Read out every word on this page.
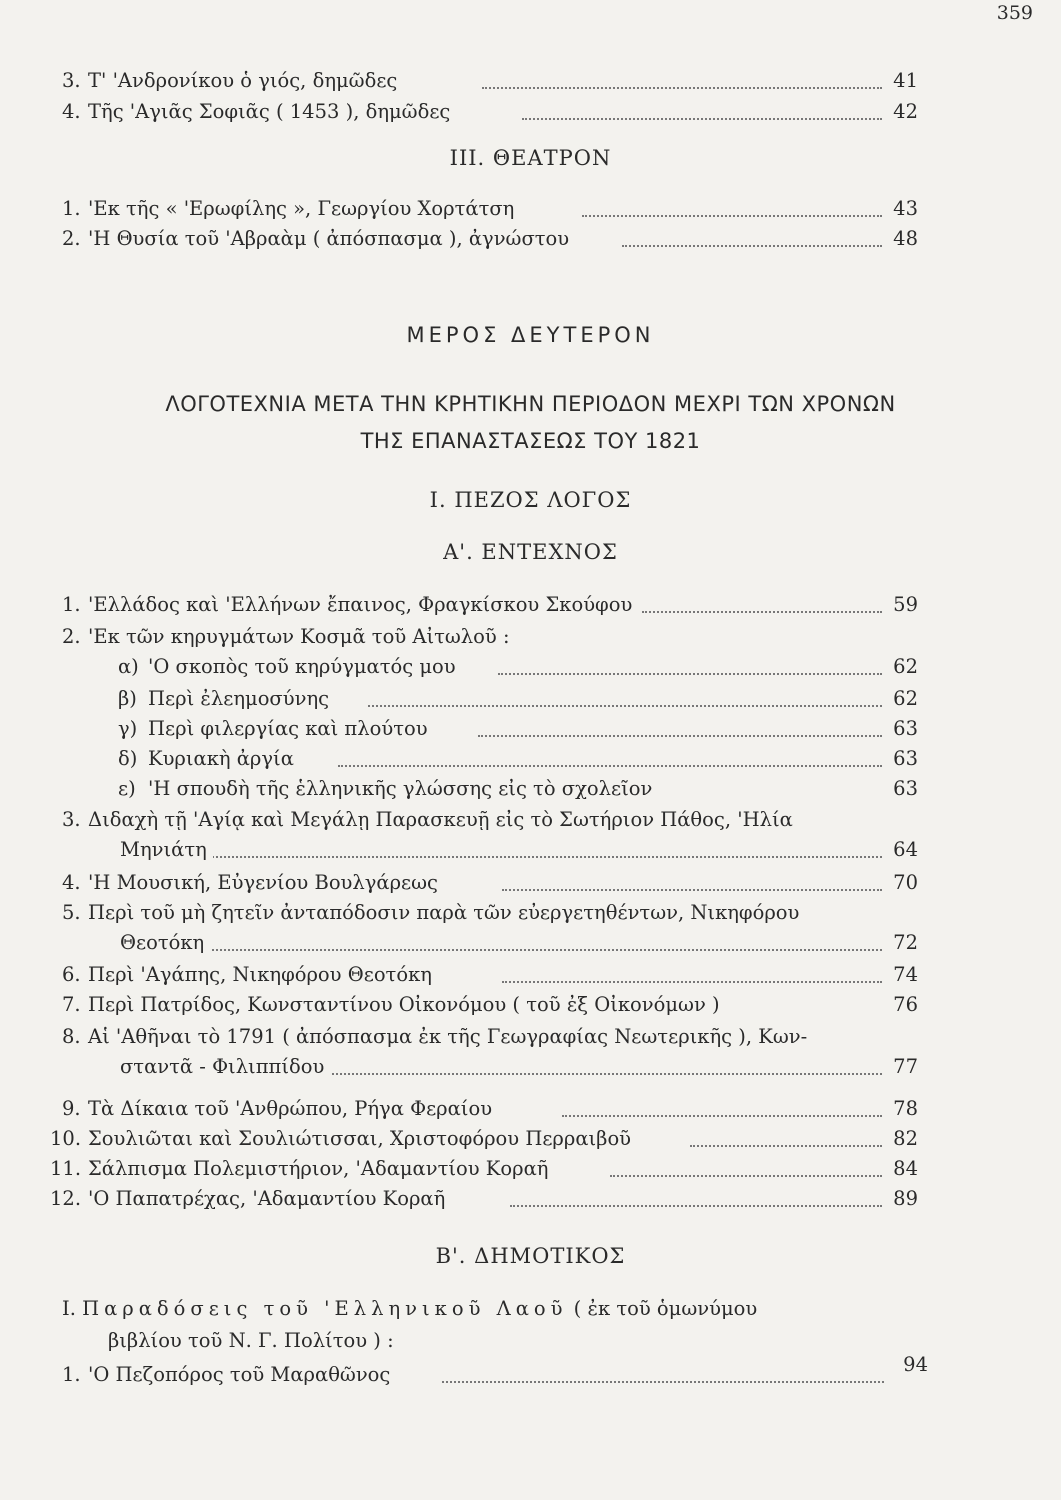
359
3. Τ' 'Ανδρονίκου ὁ γιός, δημῶδες	41
4. Τῆς 'Αγιᾶς Σοφιᾶς ( 1453 ), δημῶδες	42
ΙΙΙ. ΘΕΑΤΡΟΝ
1. 'Εκ τῆς « 'Ερωφίλης », Γεωργίου Χορτάτση	43
2. 'Η Θυσία τοῦ 'Αβραὰμ ( ἀπόσπασμα ), ἀγνώστου	48
ΜΕΡΟΣ ΔΕΥΤΕΡΟΝ
ΛΟΓΟΤΕΧΝΙΑ ΜΕΤΑ ΤΗΝ ΚΡΗΤΙΚΗΝ ΠΕΡΙΟΔΟΝ ΜΕΧΡΙ ΤΩΝ ΧΡΟΝΩΝ
ΤΗΣ ΕΠΑΝΑΣΤΑΣΕΩΣ ΤΟΥ 1821
Ι. ΠΕΖΟΣ ΛΟΓΟΣ
Α'. ΕΝΤΕΧΝΟΣ
1. 'Ελλάδος καὶ 'Ελλήνων ἔπαινος, Φραγκίσκου Σκούφου	59
2. 'Εκ τῶν κηρυγμάτων Κοσμᾶ τοῦ Αἰτωλοῦ :
α) 'Ο σκοπὸς τοῦ κηρύγματός μου	62
β) Περὶ ἐλεημοσύνης	62
γ) Περὶ φιλεργίας καὶ πλούτου	63
δ) Κυριακὴ ἀργία	63
ε) 'Η σπουδὴ τῆς ἑλληνικῆς γλώσσης εἰς τὸ σχολεῖον	63
3. Διδαχὴ τῇ 'Αγίᾳ καὶ Μεγάλῃ Παρασκευῇ εἰς τὸ Σωτήριον Πάθος, 'Ηλία
Μηνιάτη	64
4. 'Η Μουσική, Εὐγενίου Βουλγάρεως	70
5. Περὶ τοῦ μὴ ζητεῖν ἀνταπόδοσιν παρὰ τῶν εὐεργετηθέντων, Νικηφόρου
Θεοτόκη	72
6. Περὶ 'Αγάπης, Νικηφόρου Θεοτόκη	74
7. Περὶ Πατρίδος, Κωνσταντίνου Οἰκονόμου ( τοῦ ἐξ Οἰκονόμων )	76
8. Αἱ 'Αθῆναι τὸ 1791 ( ἀπόσπασμα ἐκ τῆς Γεωγραφίας Νεωτερικῆς ), Κων-
σταντᾶ - Φιλιππίδου	77
9. Τὰ Δίκαια τοῦ 'Ανθρώπου, Ρήγα Φεραίου	78
10. Σουλιῶται καὶ Σουλιώτισσαι, Χριστοφόρου Περραιβοῦ	82
11. Σάλπισμα Πολεμιστήριον, 'Αδαμαντίου Κοραῆ	84
12. 'Ο Παπατρέχας, 'Αδαμαντίου Κοραῆ	89
Β'. ΔΗΜΟΤΙΚΟΣ
Ι. Παραδόσεις τοῦ 'Ελληνικοῦ Λαοῦ ( ἐκ τοῦ ὁμωνύμου
βιβλίου τοῦ Ν. Γ. Πολίτου ) :
1. 'Ο Πεζοπόρος τοῦ Μαραθῶνος	94
